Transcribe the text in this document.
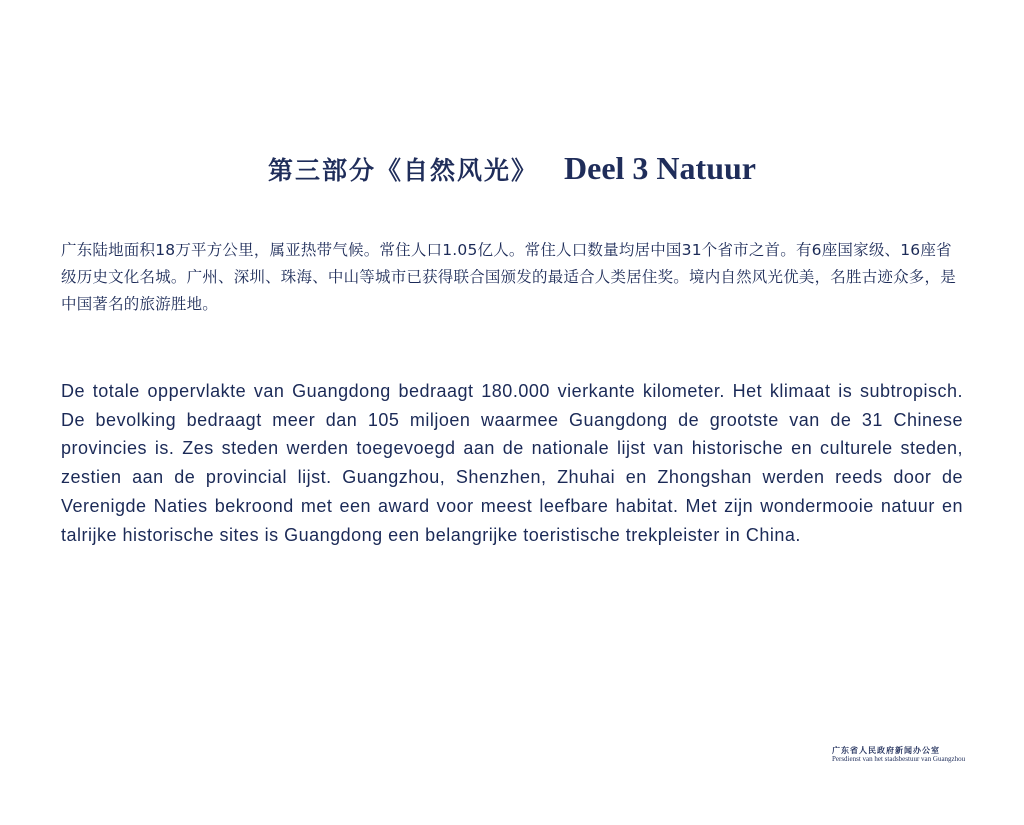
第三部分《自然风光》 Deel 3 Natuur

广东陆地面积18万平方公里，属亚热带气候。常住人口1.05亿人。常住人口数量均居中国31个省市之首。有6座国家级、16座省级历史文化名城。广州、深圳、珠海、中山等城市已获得联合国颁发的最适合人类居住奖。境内自然风光优美，名胜古迹众多，是中国著名的旅游胜地。

De totale oppervlakte van Guangdong bedraagt 180.000 vierkante kilometer. Het klimaat is subtropisch. De bevolking bedraagt meer dan 105 miljoen waarmee Guangdong de grootste van de 31 Chinese provincies is. Zes steden werden toegevoegd aan de nationale lijst van historische en culturele steden, zestien aan de provincial lijst. Guangzhou, Shenzhen, Zhuhai en Zhongshan werden reeds door de Verenigde Naties bekroond met een award voor meest leefbare habitat. Met zijn wondermooie natuur en talrijke historische sites is Guangdong een belangrijke toeristische trekpleister in China.

广东省人民政府新闻办公室
Persdienst van het stadsbestuur van Guangzhou
